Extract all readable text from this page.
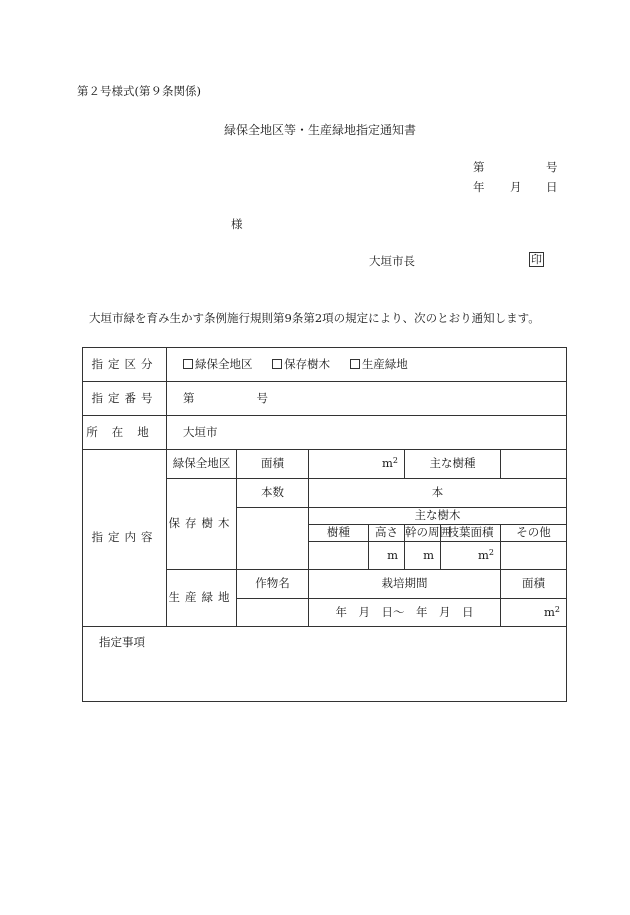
第２号様式(第９条関係)
緑保全地区等・生産緑地指定通知書
第	号
年 月 日
様
大垣市長	印
大垣市緑を育み生かす条例施行規則第9条第2項の規定により、次のとおり通知します。
指定区分	緑保全地区 保存樹木 生産緑地						
指定番号	第 号						
所在地	大垣市						
指定内容	緑保全地区	面積	$m^2$		主な樹種		
	保存樹木	本数	本				
			主な樹木				
			樹種	高さ	幹の周囲	枝葉面積	その他
				m	m	$m^2$	
	生産緑地	作物名	栽培期間				面積
			年　月　日～　年　月　日				$m^2$
指定事項							
